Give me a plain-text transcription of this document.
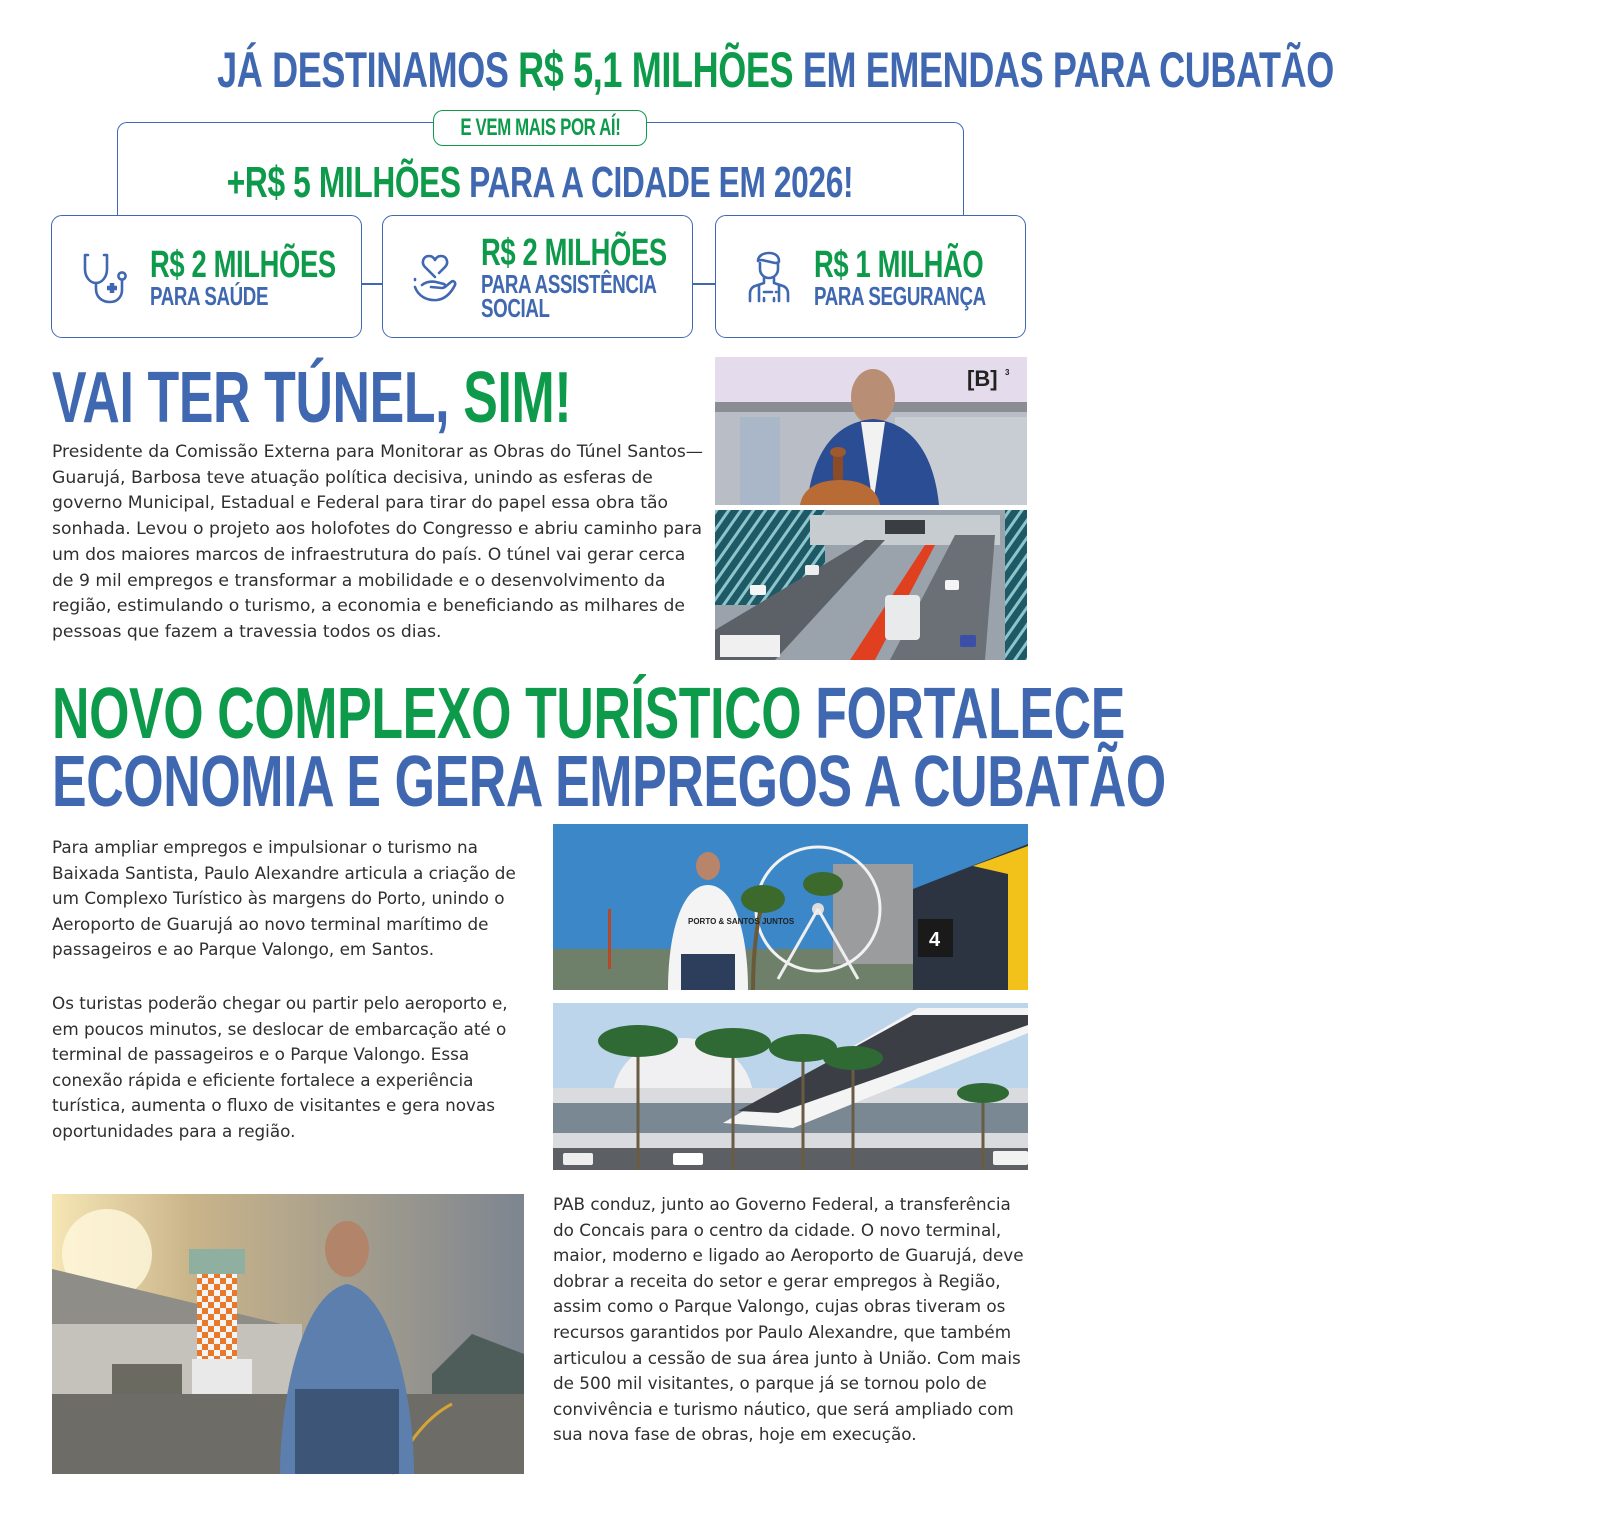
JÁ DESTINAMOS R$ 5,1 MILHÕES EM EMENDAS PARA CUBATÃO
E VEM MAIS POR AÍ!
+R$ 5 MILHÕES PARA A CIDADE EM 2026!
R$ 2 MILHÕES
PARA SAÚDE
R$ 2 MILHÕES
PARA ASSISTÊNCIA
SOCIAL
R$ 1 MILHÃO
PARA SEGURANÇA
VAI TER TÚNEL, SIM!

Presidente da Comissão Externa para Monitorar as Obras do Túnel Santos—Guarujá, Barbosa teve atuação política decisiva, unindo as esferas de governo Municipal, Estadual e Federal para tirar do papel essa obra tão sonhada. Levou o projeto aos holofotes do Congresso e abriu caminho para um dos maiores marcos de infraestrutura do país. O túnel vai gerar cerca de 9 mil empregos e transformar a mobilidade e o desenvolvimento da região, estimulando o turismo, a economia e beneficiando as milhares de pessoas que fazem a travessia todos os dias.

[B] 3
NOVO COMPLEXO TURÍSTICO FORTALECE
ECONOMIA E GERA EMPREGOS A CUBATÃO

Para ampliar empregos e impulsionar o turismo na Baixada Santista, Paulo Alexandre articula a criação de um Complexo Turístico às margens do Porto, unindo o Aeroporto de Guarujá ao novo terminal marítimo de passageiros e ao Parque Valongo, em Santos.

Os turistas poderão chegar ou partir pelo aeroporto e, em poucos minutos, se deslocar de embarcação até o terminal de passageiros e o Parque Valongo. Essa conexão rápida e eficiente fortalece a experiência turística, aumenta o fluxo de visitantes e gera novas oportunidades para a região.

4
PORTO & SANTOS JUNTOS

PAB conduz, junto ao Governo Federal, a transferência do Concais para o centro da cidade. O novo terminal, maior, moderno e ligado ao Aeroporto de Guarujá, deve dobrar a receita do setor e gerar empregos à Região, assim como o Parque Valongo, cujas obras tiveram os recursos garantidos por Paulo Alexandre, que também articulou a cessão de sua área junto à União. Com mais de 500 mil visitantes, o parque já se tornou polo de convivência e turismo náutico, que será ampliado com sua nova fase de obras, hoje em execução.
